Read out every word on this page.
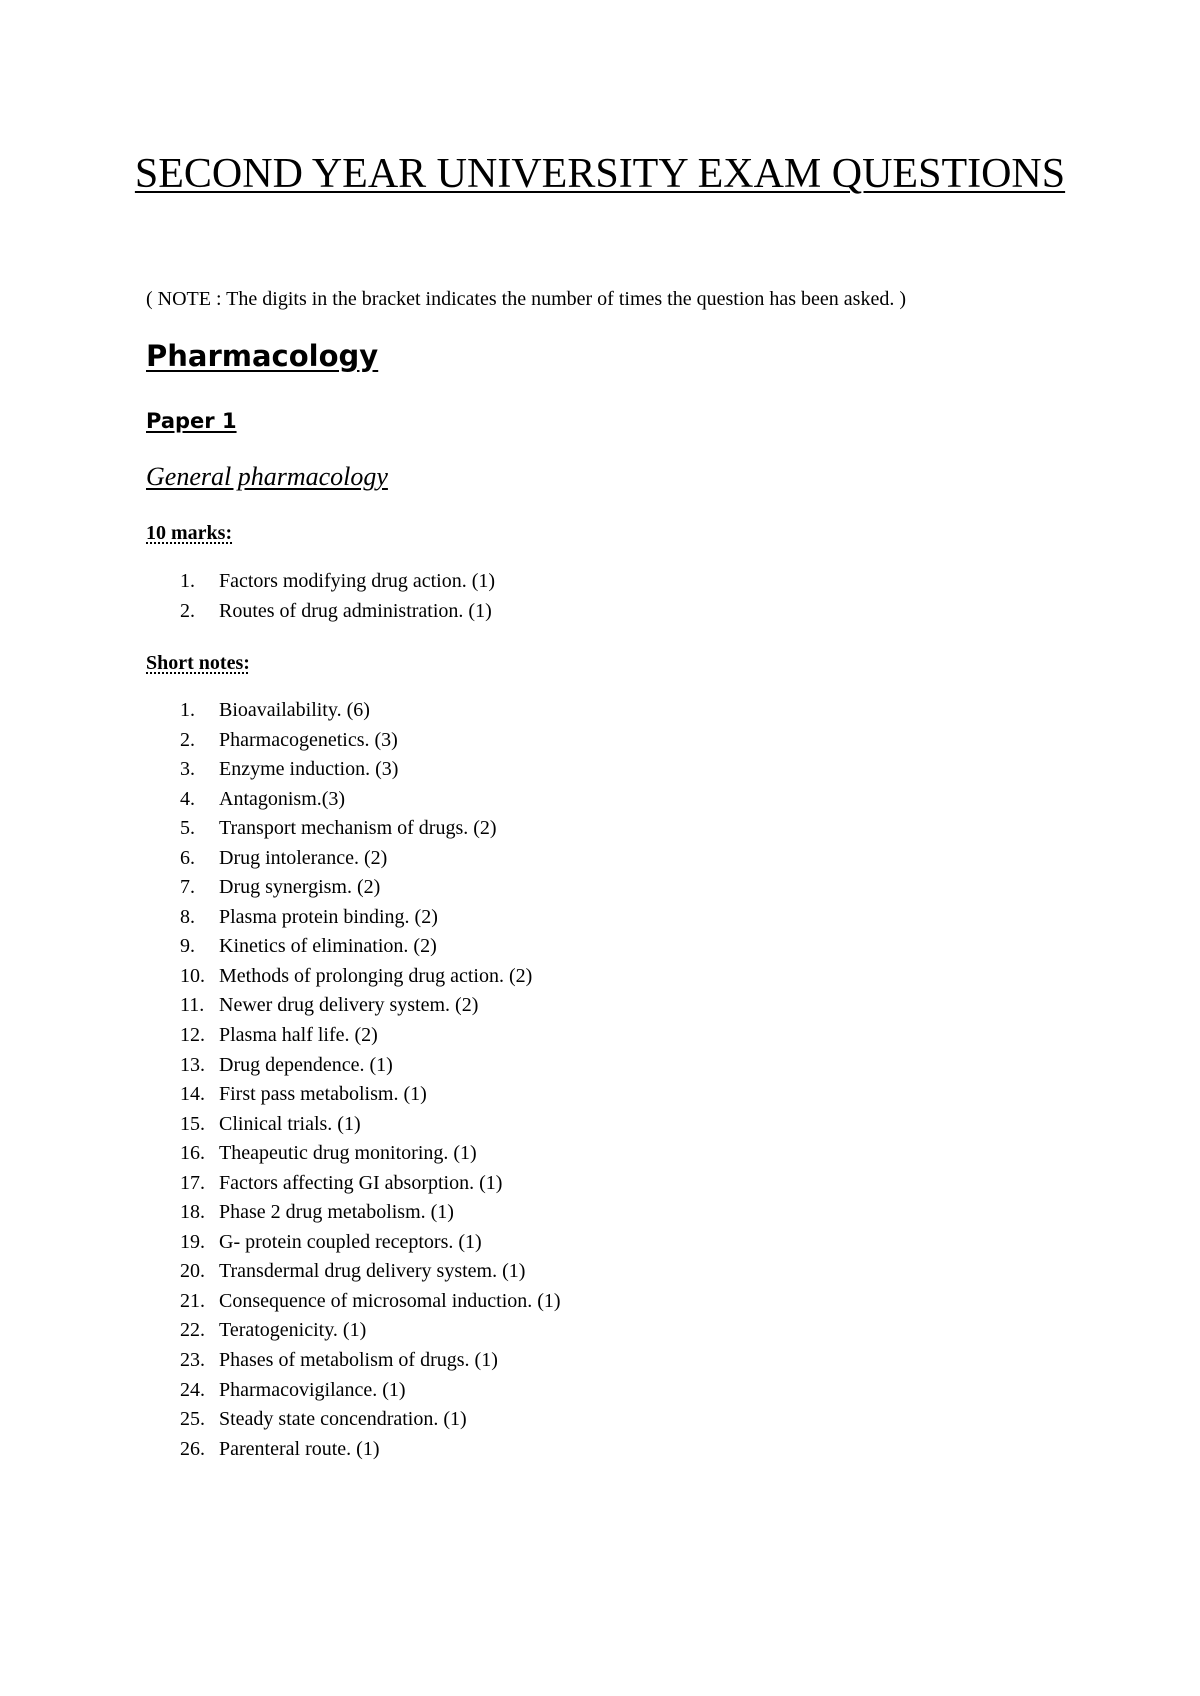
SECOND YEAR UNIVERSITY EXAM QUESTIONS
( NOTE : The digits in the bracket indicates the number of times the question has been asked. )
Pharmacology
Paper 1
General pharmacology
10 marks:
1.	Factors modifying drug action. (1)
2.	Routes of drug administration. (1)
Short notes:
1.	Bioavailability. (6)
2.	Pharmacogenetics. (3)
3.	Enzyme induction. (3)
4.	Antagonism.(3)
5.	Transport mechanism of drugs. (2)
6.	Drug intolerance. (2)
7.	Drug synergism. (2)
8.	Plasma protein binding. (2)
9.	Kinetics of elimination. (2)
10. Methods of prolonging drug action. (2)
11. Newer drug delivery system. (2)
12. Plasma half life. (2)
13. Drug dependence. (1)
14. First pass metabolism. (1)
15. Clinical trials. (1)
16. Theapeutic drug monitoring. (1)
17. Factors affecting GI absorption. (1)
18. Phase 2 drug metabolism. (1)
19. G- protein coupled receptors. (1)
20. Transdermal drug delivery system. (1)
21. Consequence of microsomal induction. (1)
22. Teratogenicity. (1)
23. Phases of metabolism of drugs. (1)
24. Pharmacovigilance. (1)
25. Steady state concendration. (1)
26. Parenteral route. (1)
